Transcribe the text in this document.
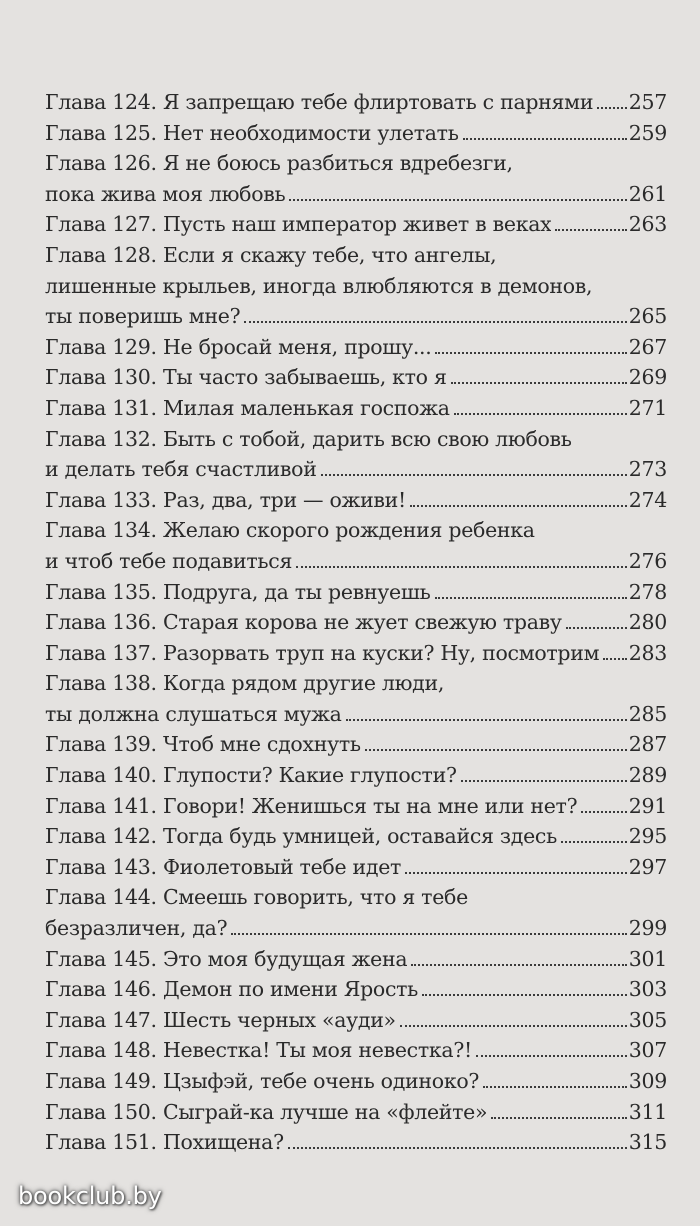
Глава 124. Я запрещаю тебе флиртовать с парнями 257
Глава 125. Нет необходимости улетать	259
Глава 126. Я не боюсь разбиться вдребезги,
пока жива моя любовь	261
Глава 127. Пусть наш император живет в веках	263
Глава 128. Если я скажу тебе, что ангелы,
лишенные крыльев, иногда влюбляются в демонов,
ты поверишь мне?	265
Глава 129. Не бросай меня, прошу...	267
Глава 130. Ты часто забываешь, кто я	269
Глава 131. Милая маленькая госпожа	271
Глава 132. Быть с тобой, дарить всю свою любовь
и делать тебя счастливой	273
Глава 133. Раз, два, три — оживи!	274
Глава 134. Желаю скорого рождения ребенка
и чтоб тебе подавиться	276
Глава 135. Подруга, да ты ревнуешь	278
Глава 136. Старая корова не жует свежую траву	280
Глава 137. Разорвать труп на куски? Ну, посмотрим 283
Глава 138. Когда рядом другие люди,
ты должна слушаться мужа	285
Глава 139. Чтоб мне сдохнуть	287
Глава 140. Глупости? Какие глупости?	289
Глава 141. Говори! Женишься ты на мне или нет?	291
Глава 142. Тогда будь умницей, оставайся здесь	295
Глава 143. Фиолетовый тебе идет	297
Глава 144. Смеешь говорить, что я тебе
безразличен, да?	299
Глава 145. Это моя будущая жена	301
Глава 146. Демон по имени Ярость	303
Глава 147. Шесть черных «ауди»	305
Глава 148. Невестка! Ты моя невестка?!	307
Глава 149. Цзыфэй, тебе очень одиноко?	309
Глава 150. Сыграй-ка лучше на «флейте»	311
Глава 151. Похищена?	315
bookclub.by
